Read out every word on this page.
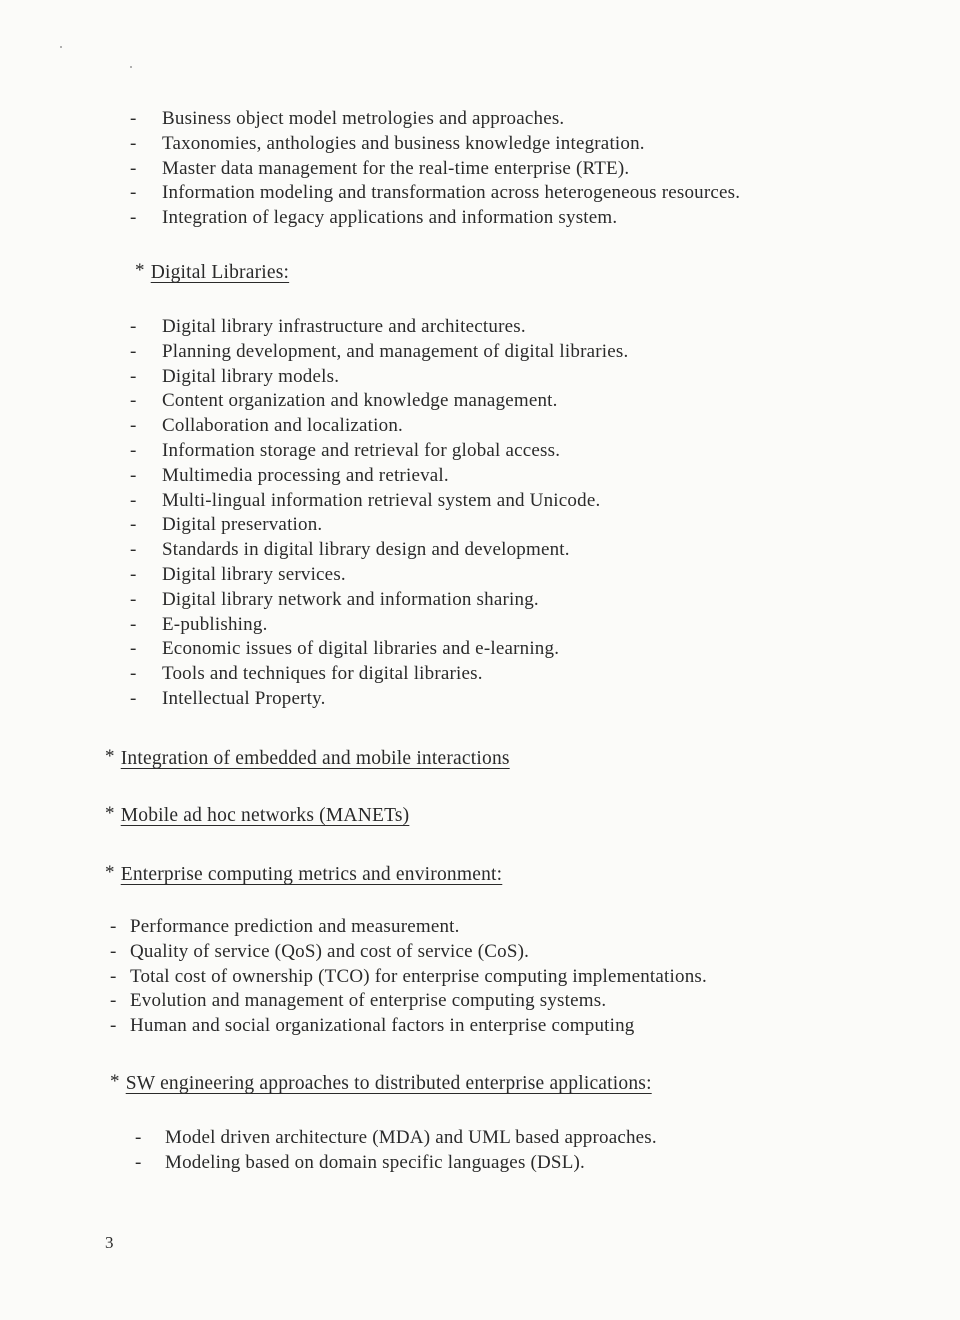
- Business object model metrologies and approaches.
- Taxonomies, anthologies and business knowledge integration.
- Master data management for the real-time enterprise (RTE).
- Information modeling and transformation across heterogeneous resources.
- Integration of legacy applications and information system.
* Digital Libraries:
- Digital library infrastructure and architectures.
- Planning development, and management of digital libraries.
- Digital library models.
- Content organization and knowledge management.
- Collaboration and localization.
- Information storage and retrieval for global access.
- Multimedia processing and retrieval.
- Multi-lingual information retrieval system and Unicode.
- Digital preservation.
- Standards in digital library design and development.
- Digital library services.
- Digital library network and information sharing.
- E-publishing.
- Economic issues of digital libraries and e-learning.
- Tools and techniques for digital libraries.
- Intellectual Property.
* Integration of embedded and mobile interactions
* Mobile ad hoc networks (MANETs)
* Enterprise computing metrics and environment:
- Performance prediction and measurement.
- Quality of service (QoS) and cost of service (CoS).
- Total cost of ownership (TCO) for enterprise computing implementations.
- Evolution and management of enterprise computing systems.
- Human and social organizational factors in enterprise computing
* SW engineering approaches to distributed enterprise applications:
- Model driven architecture (MDA) and UML based approaches.
- Modeling based on domain specific languages (DSL).
3
